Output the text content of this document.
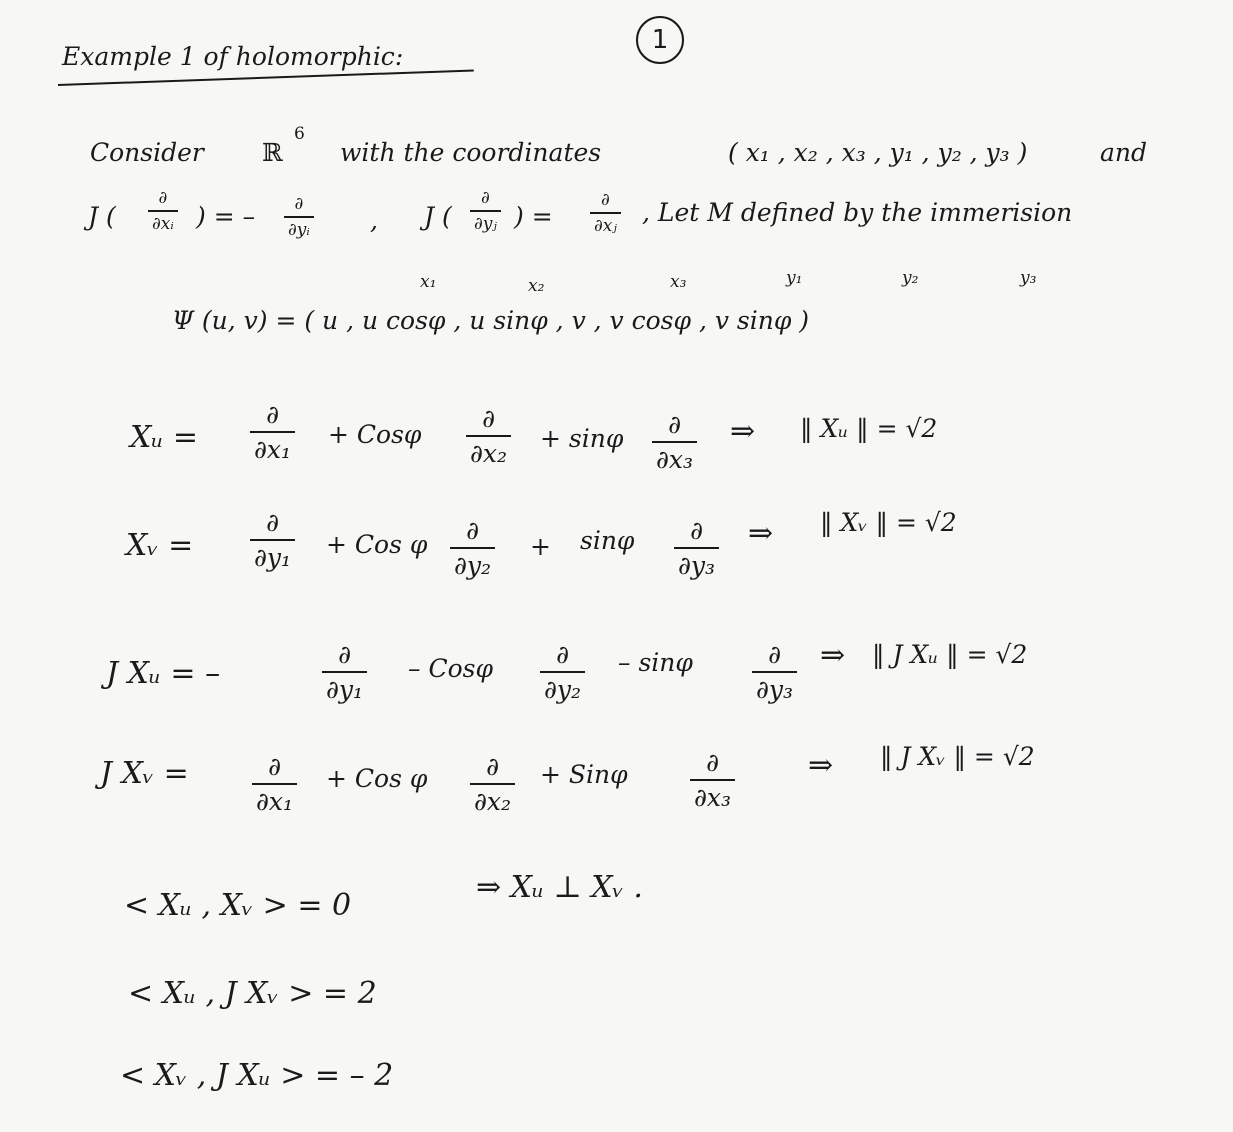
1
Example 1 of holomorphic:
Consider ℝ
6
with the coordinates	( x₁ , x₂ , x₃ , y₁ , y₂ , y₃ )	and
J (
∂
∂xᵢ ) = – ∂
∂yᵢ , J (
∂
∂yⱼ ) =
∂
∂xⱼ , Let M defined by the immerision
x₁	x₂	x₃	y₁	y₂	y₃
Ψ (u, v) = ( u , u cosφ , u sinφ , v , v cosφ , v sinφ )
Xᵤ =
∂
∂x₁
+ Cosφ
∂
∂x₂
+ sinφ ∂
∂x₃
⇒ ‖ Xᵤ ‖ = √2
Xᵥ =
∂
∂y₁ + Cos φ ∂
∂y₂
+ sinφ ∂
∂y₃
⇒ ‖ Xᵥ ‖ = √2
J Xᵤ = –
∂
∂y₁
– Cosφ	∂
∂y₂
– sinφ	∂
∂y₃
⇒ ‖ J Xᵤ ‖ = √2
J Xᵥ =	∂
∂x₁
+ Cos φ ∂
∂x₂
+ Sinφ	∂
∂x₃
⇒ ‖ J Xᵥ ‖ = √2
< Xᵤ , Xᵥ > = 0
⇒ Xᵤ ⊥ Xᵥ .
< Xᵤ , J Xᵥ > = 2
< Xᵥ , J Xᵤ > = – 2
